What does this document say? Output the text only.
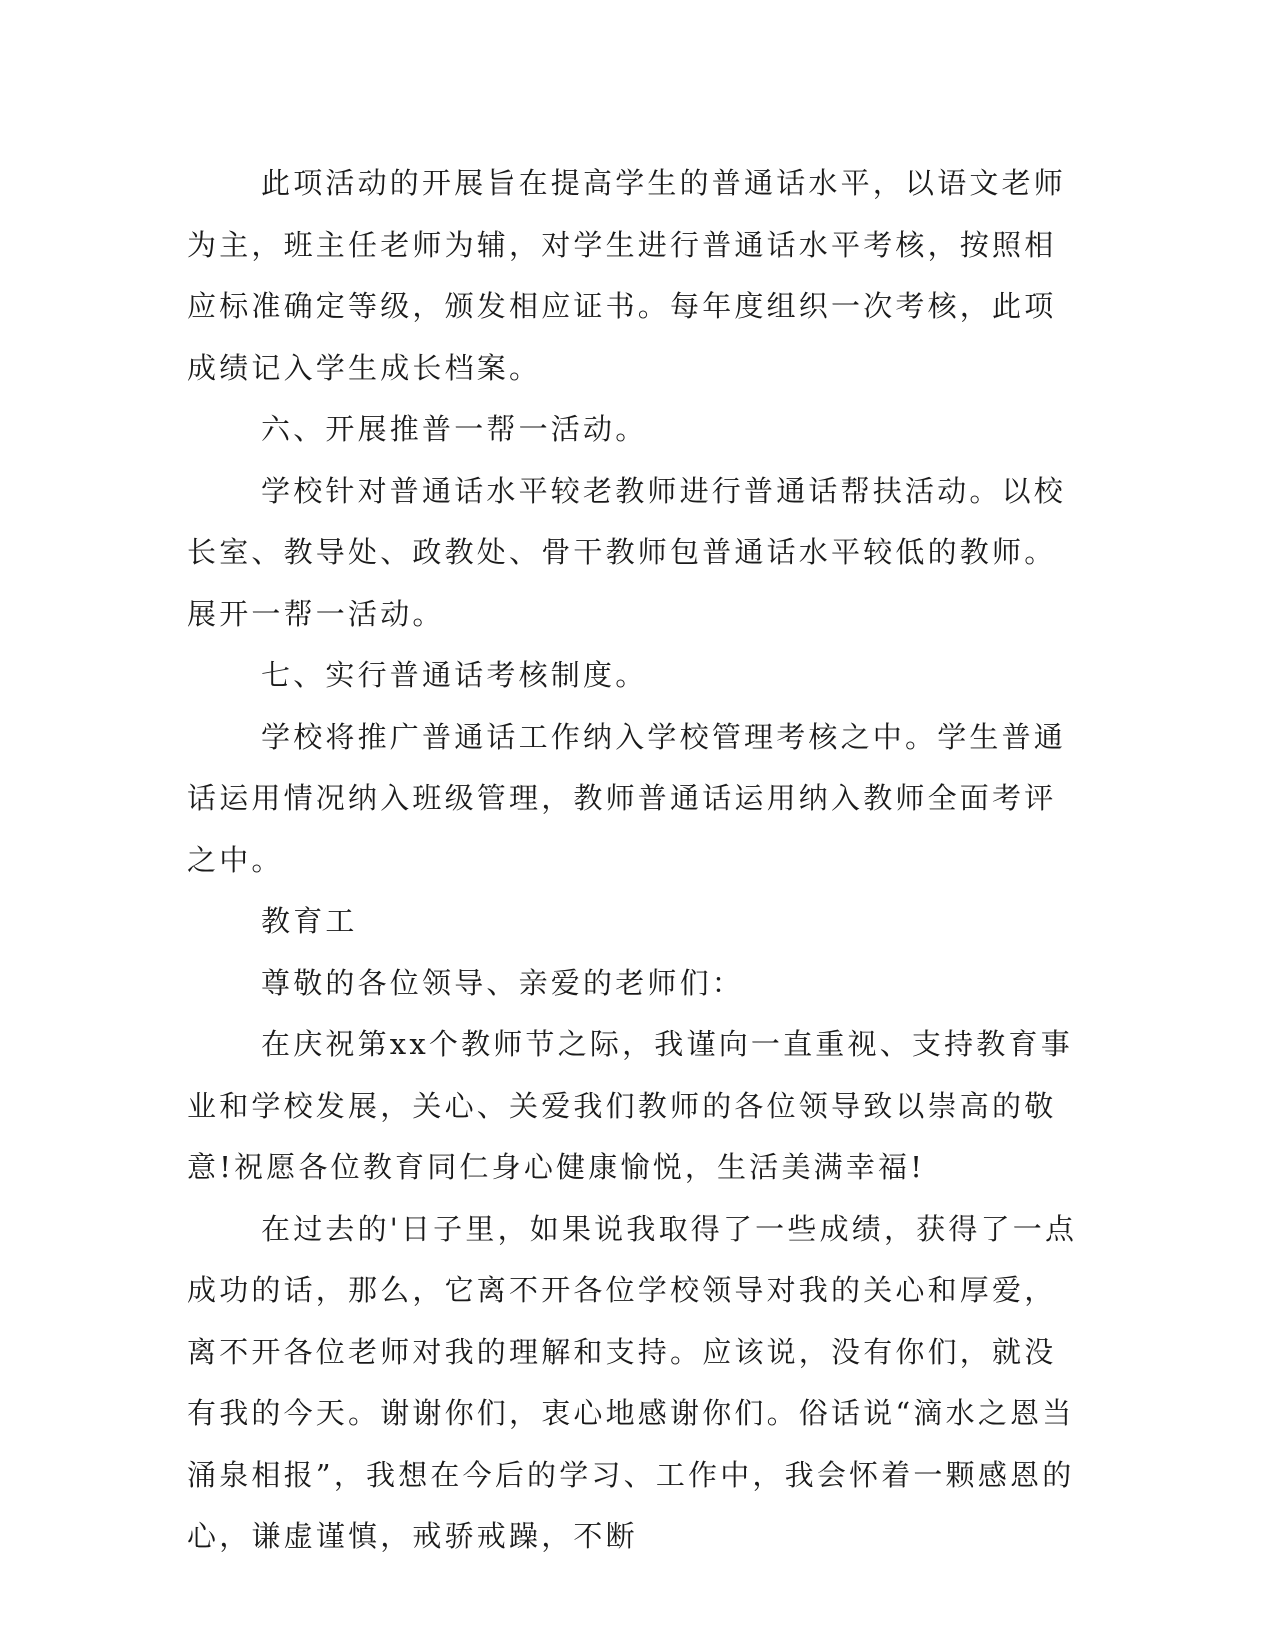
此项活动的开展旨在提高学生的普通话水平，以语文老师为主，班主任老师为辅，对学生进行普通话水平考核，按照相应标准确定等级，颁发相应证书。每年度组织一次考核，此项成绩记入学生成长档案。

六、开展推普一帮一活动。

学校针对普通话水平较老教师进行普通话帮扶活动。以校长室、教导处、政教处、骨干教师包普通话水平较低的教师。展开一帮一活动。

七、实行普通话考核制度。

学校将推广普通话工作纳入学校管理考核之中。学生普通话运用情况纳入班级管理，教师普通话运用纳入教师全面考评之中。

教育工

尊敬的各位领导、亲爱的老师们：

在庆祝第xx个教师节之际，我谨向一直重视、支持教育事业和学校发展，关心、关爱我们教师的各位领导致以崇高的敬意!祝愿各位教育同仁身心健康愉悦，生活美满幸福!

在过去的'日子里，如果说我取得了一些成绩，获得了一点成功的话，那么，它离不开各位学校领导对我的关心和厚爱，离不开各位老师对我的理解和支持。应该说，没有你们，就没有我的今天。谢谢你们，衷心地感谢你们。俗话说“滴水之恩当涌泉相报”，我想在今后的学习、工作中，我会怀着一颗感恩的心，谦虚谨慎，戒骄戒躁，不断
